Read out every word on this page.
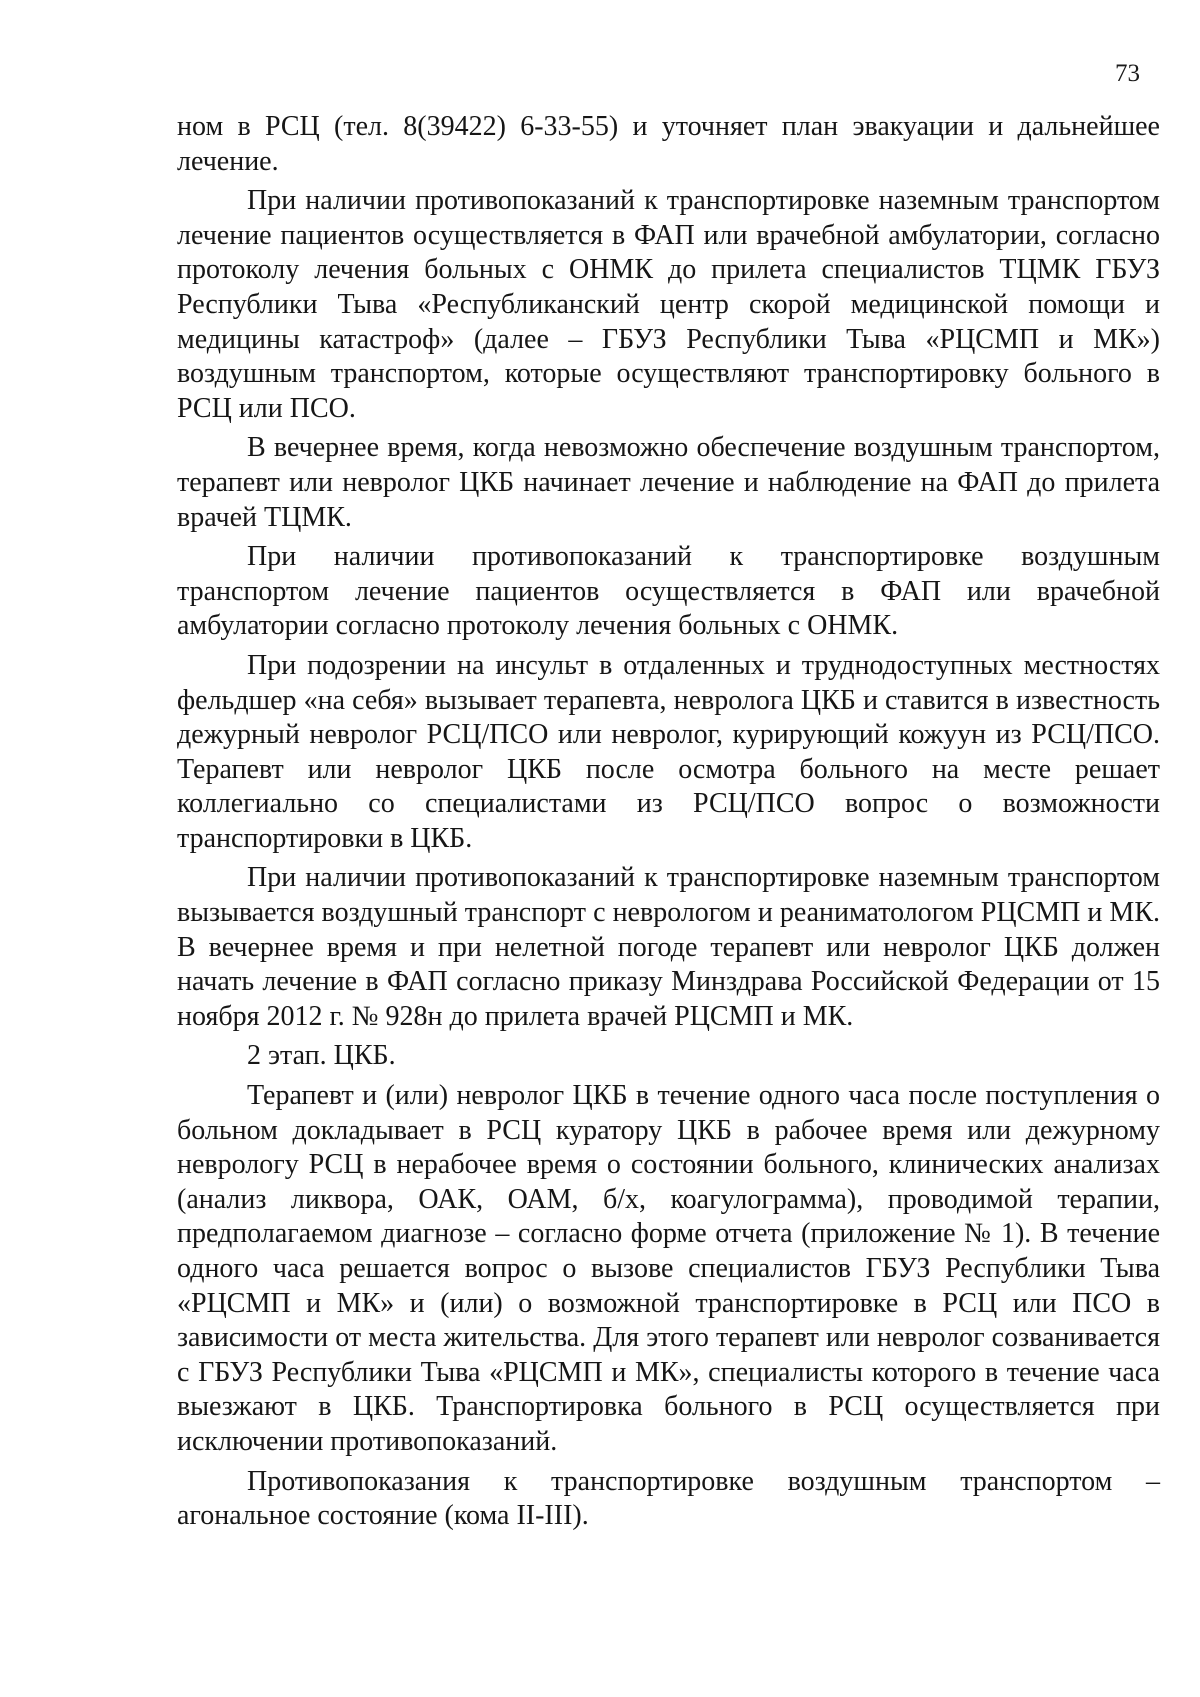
73

ном в РСЦ (тел. 8(39422) 6-33-55) и уточняет план эвакуации и дальнейшее лечение.

При наличии противопоказаний к транспортировке наземным транспортом лечение пациентов осуществляется в ФАП или врачебной амбулатории, согласно протоколу лечения больных с ОНМК до прилета специалистов ТЦМК ГБУЗ Республики Тыва «Республиканский центр скорой медицинской помощи и медицины катастроф» (далее – ГБУЗ Республики Тыва «РЦСМП и МК») воздушным транспортом, которые осуществляют транспортировку больного в РСЦ или ПСО.

В вечернее время, когда невозможно обеспечение воздушным транспортом, терапевт или невролог ЦКБ начинает лечение и наблюдение на ФАП до прилета врачей ТЦМК.

При наличии противопоказаний к транспортировке воздушным транспортом лечение пациентов осуществляется в ФАП или врачебной амбулатории согласно протоколу лечения больных с ОНМК.

При подозрении на инсульт в отдаленных и труднодоступных местностях фельдшер «на себя» вызывает терапевта, невролога ЦКБ и ставится в известность дежурный невролог РСЦ/ПСО или невролог, курирующий кожуун из РСЦ/ПСО. Терапевт или невролог ЦКБ после осмотра больного на месте решает коллегиально со специалистами из РСЦ/ПСО вопрос о возможности транспортировки в ЦКБ.

При наличии противопоказаний к транспортировке наземным транспортом вызывается воздушный транспорт с неврологом и реаниматологом РЦСМП и МК. В вечернее время и при нелетной погоде терапевт или невролог ЦКБ должен начать лечение в ФАП согласно приказу Минздрава Российской Федерации от 15 ноября 2012 г. № 928н до прилета врачей РЦСМП и МК.

2 этап. ЦКБ.

Терапевт и (или) невролог ЦКБ в течение одного часа после поступления о больном докладывает в РСЦ куратору ЦКБ в рабочее время или дежурному неврологу РСЦ в нерабочее время о состоянии больного, клинических анализах (анализ ликвора, ОАК, ОАМ, б/х, коагулограмма), проводимой терапии, предполагаемом диагнозе – согласно форме отчета (приложение № 1). В течение одного часа решается вопрос о вызове специалистов ГБУЗ Республики Тыва «РЦСМП и МК» и (или) о возможной транспортировке в РСЦ или ПСО в зависимости от места жительства. Для этого терапевт или невролог созванивается с ГБУЗ Республики Тыва «РЦСМП и МК», специалисты которого в течение часа выезжают в ЦКБ. Транспортировка больного в РСЦ осуществляется при исключении противопоказаний.

Противопоказания к транспортировке воздушным транспортом – агональное состояние (кома II-III).
